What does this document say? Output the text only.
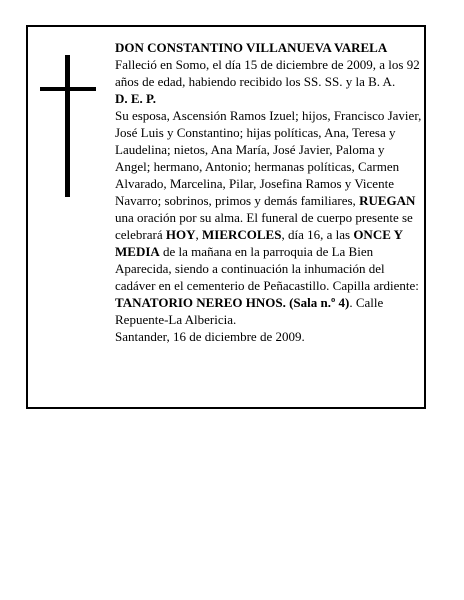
DON CONSTANTINO VILLANUEVA VARELA

Falleció en Somo, el día 15 de diciembre de 2009, a los 92 años de edad, habiendo recibido los SS. SS. y la B. A.

D. E. P.

Su esposa, Ascensión Ramos Izuel; hijos, Francisco Javier, José Luis y Constantino; hijas políticas, Ana, Teresa y Laudelina; nietos, Ana María, José Javier, Paloma y Angel; hermano, Antonio; hermanas políticas, Carmen Alvarado, Marcelina, Pilar, Josefina Ramos y Vicente Navarro; sobrinos, primos y demás familiares, RUEGAN una oración por su alma. El funeral de cuerpo presente se celebrará HOY, MIERCOLES, día 16, a las ONCE Y MEDIA de la mañana en la parroquia de La Bien Aparecida, siendo a continuación la inhumación del cadáver en el cementerio de Peñacastillo. Capilla ardiente: TANATORIO NEREO HNOS. (Sala n.º 4). Calle Repuente-La Albericia.

Santander, 16 de diciembre de 2009.
